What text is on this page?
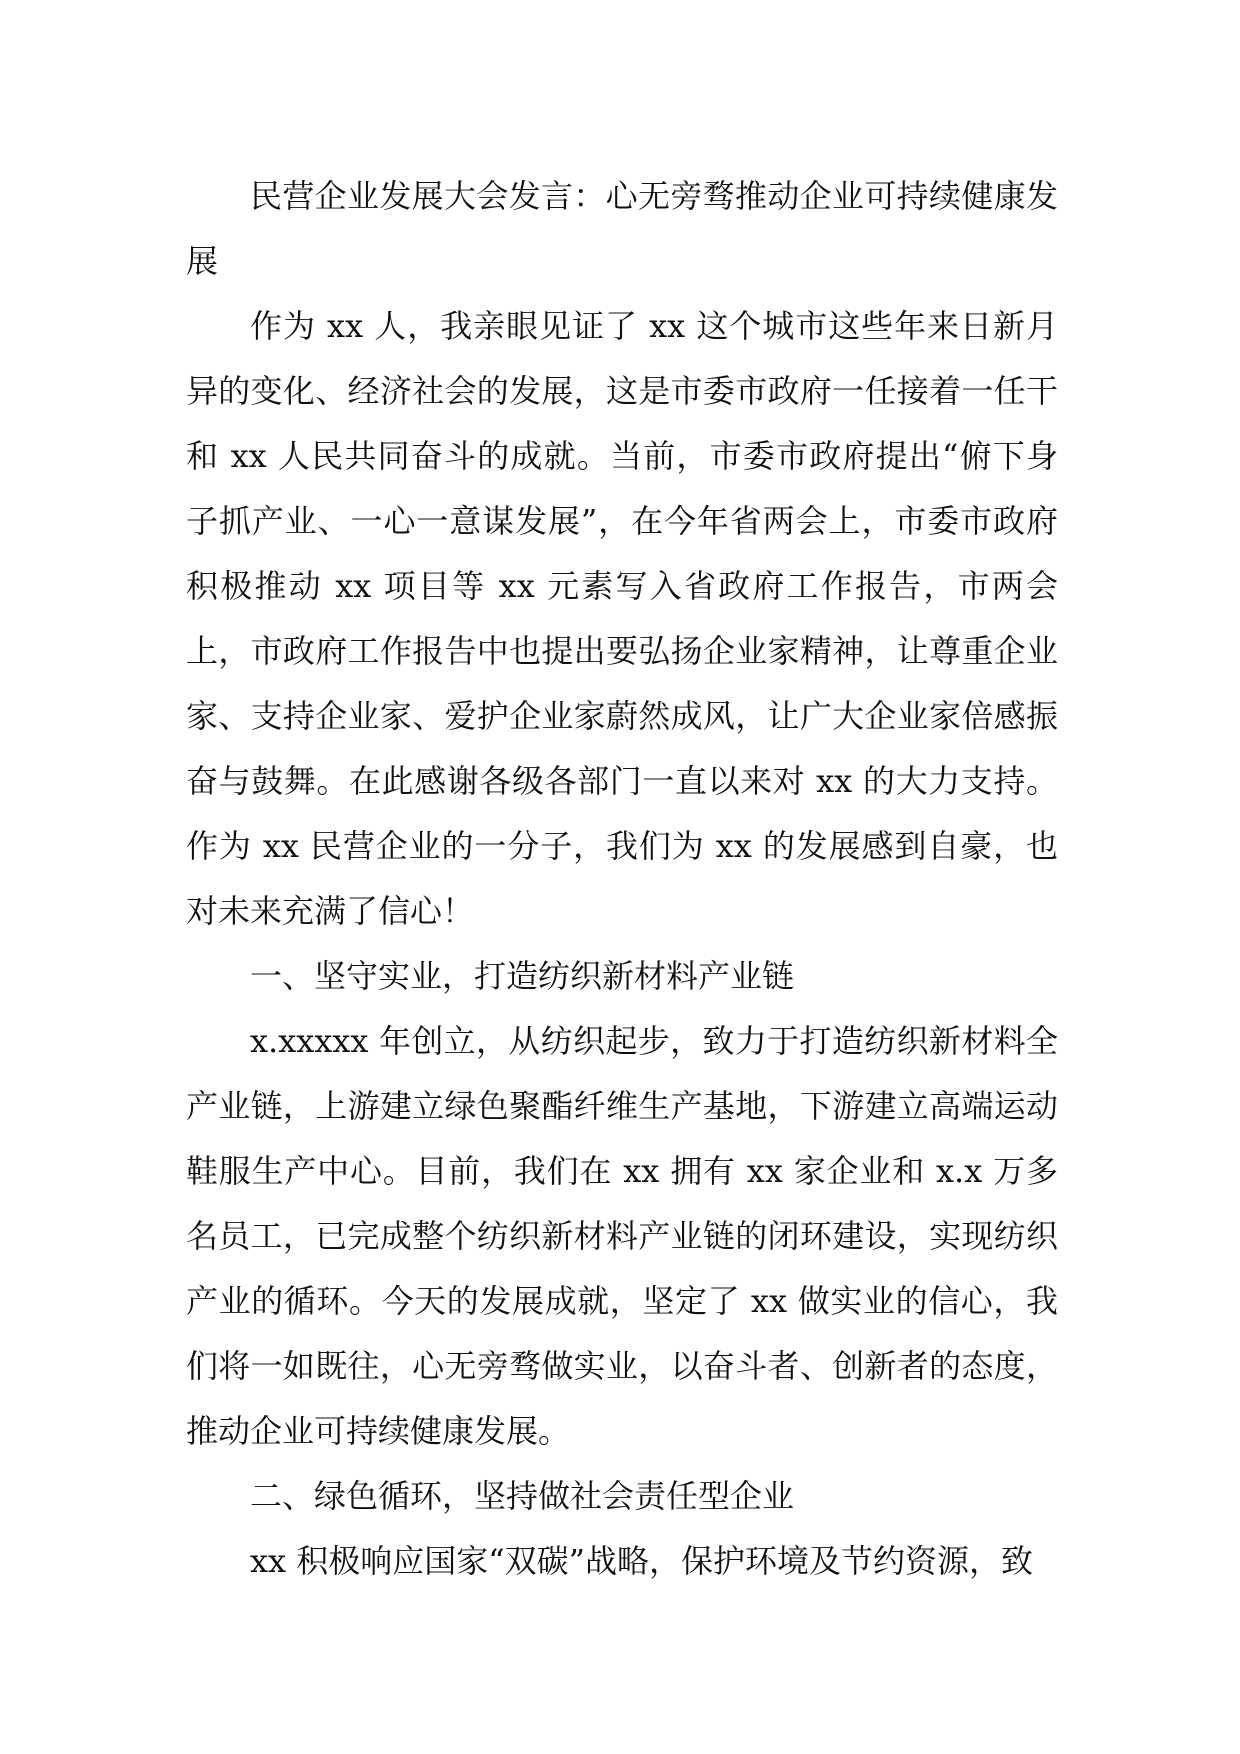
民营企业发展大会发言：心无旁骛推动企业可持续健康发展

作为 xx 人，我亲眼见证了 xx 这个城市这些年来日新月异的变化、经济社会的发展，这是市委市政府一任接着一任干和 xx 人民共同奋斗的成就。当前，市委市政府提出“俯下身子抓产业、一心一意谋发展”，在今年省两会上，市委市政府积极推动 xx 项目等 xx 元素写入省政府工作报告，市两会上，市政府工作报告中也提出要弘扬企业家精神，让尊重企业家、支持企业家、爱护企业家蔚然成风，让广大企业家倍感振奋与鼓舞。在此感谢各级各部门一直以来对 xx 的大力支持。作为 xx 民营企业的一分子，我们为 xx 的发展感到自豪，也对未来充满了信心！

一、坚守实业，打造纺织新材料产业链

x.xxxxx 年创立，从纺织起步，致力于打造纺织新材料全产业链，上游建立绿色聚酯纤维生产基地，下游建立高端运动鞋服生产中心。目前，我们在 xx 拥有 xx 家企业和 x.x 万多名员工，已完成整个纺织新材料产业链的闭环建设，实现纺织产业的循环。今天的发展成就，坚定了 xx 做实业的信心，我们将一如既往，心无旁骛做实业，以奋斗者、创新者的态度，推动企业可持续健康发展。

二、绿色循环，坚持做社会责任型企业

xx 积极响应国家“双碳”战略，保护环境及节约资源，致
